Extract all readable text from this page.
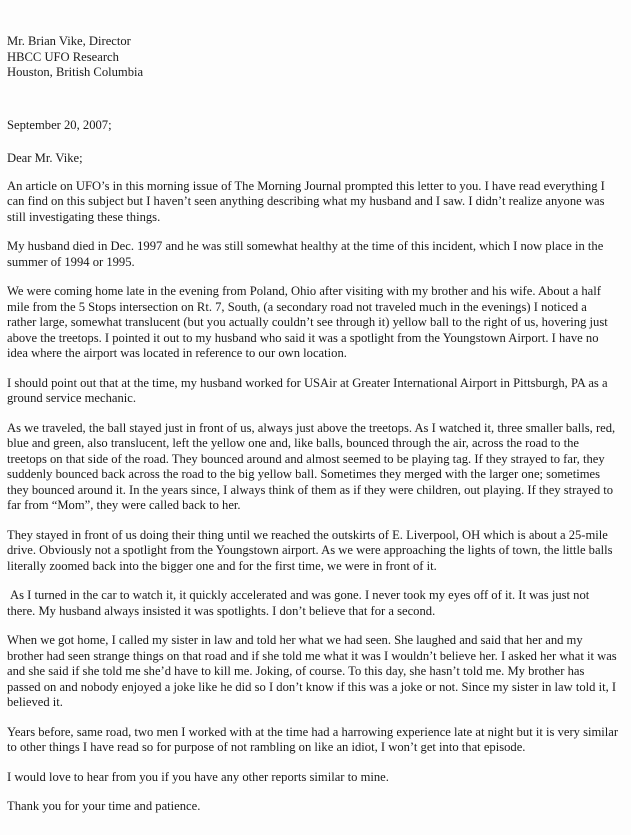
Mr. Brian Vike, Director
HBCC UFO Research
Houston, British Columbia

September 20, 2007;

Dear Mr. Vike;

An article on UFO’s in this morning issue of The Morning Journal prompted this letter to you. I have read everything I can find on this subject but I haven’t seen anything describing what my husband and I saw. I didn’t realize anyone was still investigating these things.

My husband died in Dec. 1997 and he was still somewhat healthy at the time of this incident, which I now place in the summer of 1994 or 1995.

We were coming home late in the evening from Poland, Ohio after visiting with my brother and his wife. About a half mile from the 5 Stops intersection on Rt. 7, South, (a secondary road not traveled much in the evenings) I noticed a rather large, somewhat translucent (but you actually couldn’t see through it) yellow ball to the right of us, hovering just above the treetops. I pointed it out to my husband who said it was a spotlight from the Youngstown Airport. I have no idea where the airport was located in reference to our own location.

I should point out that at the time, my husband worked for USAir at Greater International Airport in Pittsburgh, PA as a ground service mechanic.

As we traveled, the ball stayed just in front of us, always just above the treetops. As I watched it, three smaller balls, red, blue and green, also translucent, left the yellow one and, like balls, bounced through the air, across the road to the treetops on that side of the road. They bounced around and almost seemed to be playing tag. If they strayed to far, they suddenly bounced back across the road to the big yellow ball. Sometimes they merged with the larger one; sometimes they bounced around it. In the years since, I always think of them as if they were children, out playing. If they strayed to far from “Mom”, they were called back to her.

They stayed in front of us doing their thing until we reached the outskirts of E. Liverpool, OH which is about a 25-mile drive. Obviously not a spotlight from the Youngstown airport. As we were approaching the lights of town, the little balls literally zoomed back into the bigger one and for the first time, we were in front of it.

As I turned in the car to watch it, it quickly accelerated and was gone. I never took my eyes off of it. It was just not there. My husband always insisted it was spotlights. I don’t believe that for a second.

When we got home, I called my sister in law and told her what we had seen. She laughed and said that her and my brother had seen strange things on that road and if she told me what it was I wouldn’t believe her. I asked her what it was and she said if she told me she’d have to kill me. Joking, of course. To this day, she hasn’t told me. My brother has passed on and nobody enjoyed a joke like he did so I don’t know if this was a joke or not. Since my sister in law told it, I believed it.

Years before, same road, two men I worked with at the time had a harrowing experience late at night but it is very similar to other things I have read so for purpose of not rambling on like an idiot, I won’t get into that episode.

I would love to hear from you if you have any other reports similar to mine.

Thank you for your time and patience.
